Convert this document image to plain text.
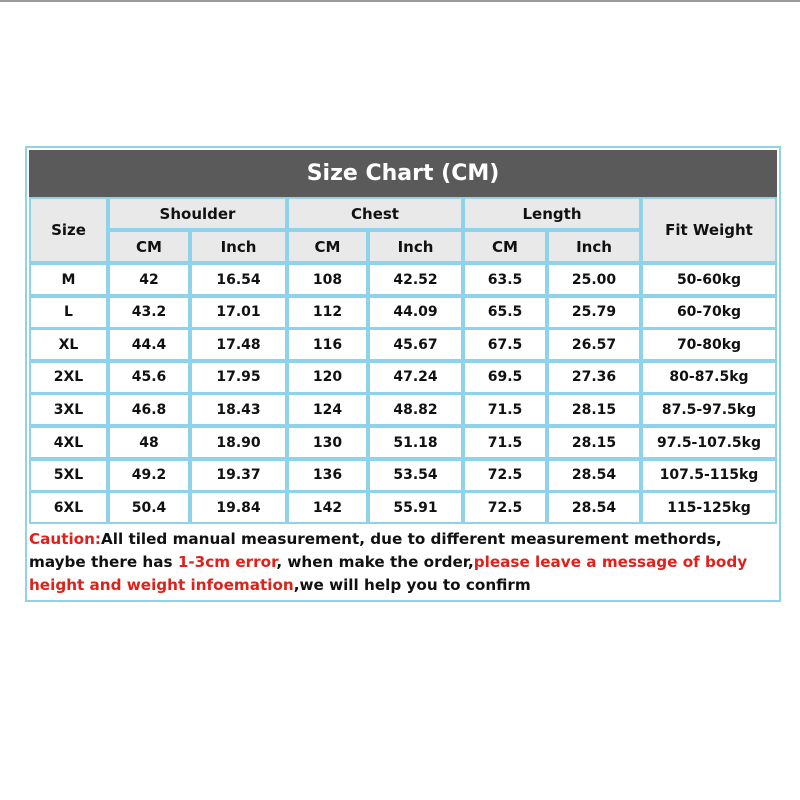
Size Chart (CM)
Size
Shoulder	Chest	Length
Fit Weight
CM	Inch	CM	Inch	CM	Inch
M	42	16.54	108	42.52	63.5	25.00	50-60kg
L	43.2	17.01	112	44.09	65.5	25.79	60-70kg
XL	44.4	17.48	116	45.67	67.5	26.57	70-80kg
2XL	45.6	17.95	120	47.24	69.5	27.36	80-87.5kg
3XL	46.8	18.43	124	48.82	71.5	28.15	87.5-97.5kg
4XL	48	18.90	130	51.18	71.5	28.15	97.5-107.5kg
5XL	49.2	19.37	136	53.54	72.5	28.54	107.5-115kg
6XL	50.4	19.84	142	55.91	72.5	28.54	115-125kg
Caution:All tiled manual measurement, due to different measurement methords, maybe there has 1-3cm error, when make the order,please leave a message of body height and weight infoemation,we will help you to confirm
